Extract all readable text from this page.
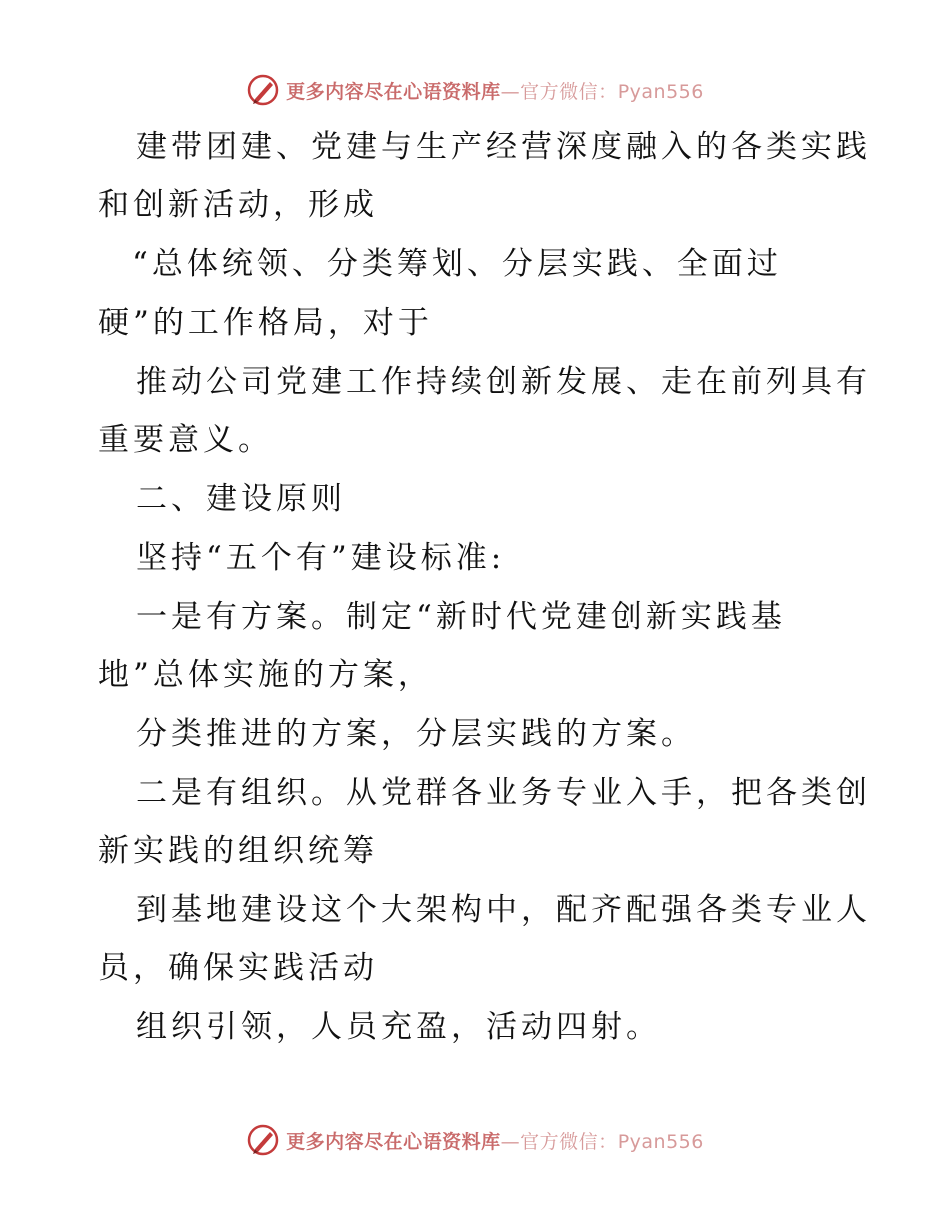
更多内容尽在心语资料库—官方微信：Pyan556
建带团建、党建与生产经营深度融入的各类实践
和创新活动，形成
“总体统领、分类筹划、分层实践、全面过
硬”的工作格局，对于
推动公司党建工作持续创新发展、走在前列具有
重要意义。
二、建设原则
坚持“五个有”建设标准:
一是有方案。制定“新时代党建创新实践基
地”总体实施的方案，
分类推进的方案，分层实践的方案。
二是有组织。从党群各业务专业入手，把各类创
新实践的组织统筹
到基地建设这个大架构中，配齐配强各类专业人
员，确保实践活动
组织引领，人员充盈，活动四射。
更多内容尽在心语资料库—官方微信：Pyan556
